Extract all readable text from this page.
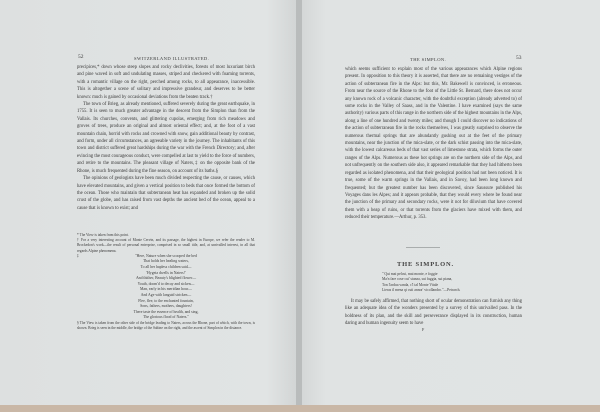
52	SWITZERLAND ILLUSTRATED.

precipices,* down whose steep slopes and rocky declivities, forests of most luxuriant birch and pine waved in soft and undulating masses, striped and checkered with foaming torrents, with a romantic village on the right, perched among rocks, to all appearance, inaccessible. This is altogether a scene of solitary and impressive grandeur, and deserves to be better known: much is gained by occasional deviations from the beaten track.†

The town of Brieg, as already mentioned, suffered severely during the great earthquake, in 1755. It is seen to much greater advantage in the descent from the Simplon than from the Vallais. Its churches, convents, and glittering cupolas, emerging from rich meadows and groves of trees, produce an original and almost oriental effect; and, at the foot of a vast mountain chain, horrid with rocks and crowned with snow, gain additional beauty by contrast, and form, under all circumstances, an agreeable variety in the journey. The inhabitants of this town and district suffered great hardships during the war with the French Directory; and, after evincing the most courageous conduct, were compelled at last to yield to the force of numbers, and retire to the mountains. The pleasant village of Naters,‡ on the opposite bank of the Rhone, is much frequented during the fine season, on account of its baths.§

The opinions of geologists have been much divided respecting the cause, or causes, which have elevated mountains, and given a vertical position to beds that once formed the bottom of the ocean. Those who maintain that subterranean heat has expanded and broken up the solid crust of the globe, and has raised from vast depths the ancient bed of the ocean, appeal to a cause that is known to exist; and

* The View is taken from this point.

† For a very interesting account of Monte Cervin, and its passage, the highest in Europe, we refer the reader to M. Brockedon's work—the result of personal enterprise, comprised in so small title, and, at unrivalled interest, in all that regards Alpine phenomena.

‡	"Here, Nature when she scooped the bed
That holds her healing waters,
To all her hapless children said—
'Hygeia dwells in Naters!'
And thither, Beauty's blighted flower—
Youth, doom'd to decay and sicken—
Man, early in his meridian hour—
And Age with languid stricken—
Flee, flee, to the enchanted fountain,
Sons, fathers, mothers, daughters!
There taste the essence of health, and sing,
The glorious flood of Naters."

§ The View is taken from the other side of the bridge leading to Naters, across the Rhone, part of which, with the town, is shown. Brieg is seen in the middle, the bridge of the Saltine on the right, and the ascent of Simplon in the distance.

THE SIMPLON.	53

which seems sufficient to explain most of the various appearances which Alpine regions present. In opposition to this theory it is asserted, that there are no remaining vestiges of the action of subterranean fire in the Alps: but this, Mr. Bakewell is convinced, is erroneous. From near the source of the Rhone to the foot of the Little St. Bernard, there does not occur any known rock of a volcanic character, with the doubtful exception (already adverted to) of some rocks in the Valley of Saass, and in the Valentine. I have examined (says the same authority) various parts of this range in the northern side of the highest mountains in the Alps, along a line of one hundred and twenty miles; and though I could discover no indications of the action of subterranean fire in the rocks themselves, I was greatly surprised to observe the numerous thermal springs that are abundantly gushing out at the feet of the primary mountains, near the junction of the mica-slate, or the dark schist passing into the mica-slate, with the lowest calcareous beds of that vast series of limestone strata, which forms the outer ranges of the Alps. Numerous as these hot springs are on the northern side of the Alps, and not unfrequently on the southern side also, it appeared remarkable that they had hitherto been regarded as isolated phenomena, and that their geological position had not been noticed. It is true, some of the warm springs in the Vallais, and in Savoy, had been long known and frequented; but the greatest number has been discovered, since Saussure published his Voyages dans les Alpes; and it appears probable, that they would every where be found near the junction of the primary and secondary rocks, were it not for diluvium that have covered them with a heap of ruins, or that torrents from the glaciers have mixed with them, and reduced their temperature.—Arthur, p. 353.

THE SIMPLON.
" Qui mai pelosi, mai monte, e foggie
Ma'n fare cose cui' stanza, sui fuggia, sui piana,
Ton l'ardua vanda, c'l tal Monte Vitale
Lieras il mena qi cuti annor' vicollandro."—Petrarch.

It may be safely affirmed, that nothing short of ocular demonstration can furnish any thing like an adequate idea of the wonders presented by a survey of this unrivalled pass. In the boldness of its plan, and the skill and perseverance displayed in its construction, human daring and human ingenuity seem to have

F
